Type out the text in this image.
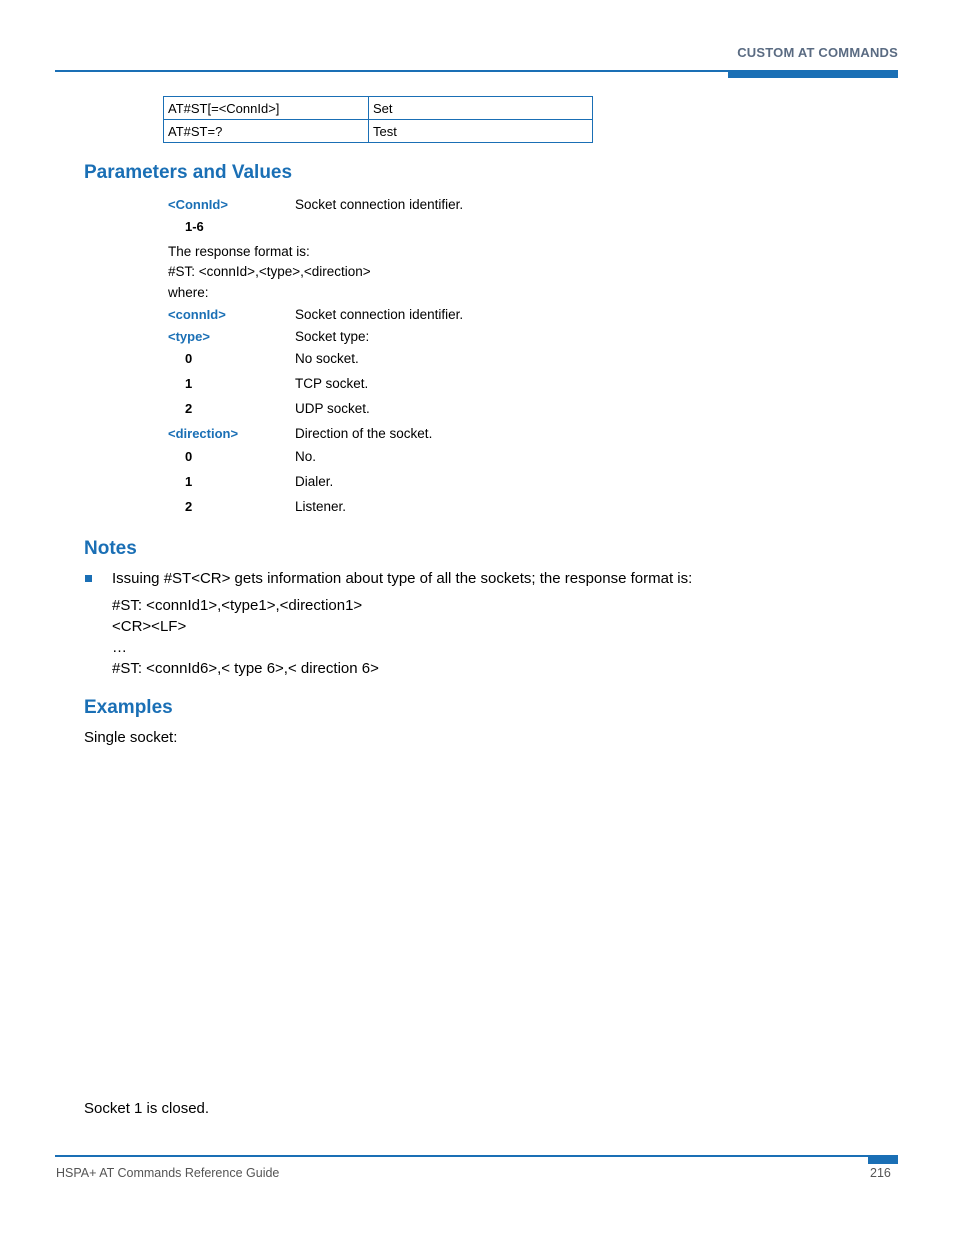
CUSTOM AT COMMANDS
AT#ST[=<ConnId>]	Set
AT#ST=?	Test
Parameters and Values
<ConnId>	Socket connection identifier.
1-6
The response format is:
#ST: <connId>,<type>,<direction>
where:
<connId>	Socket connection identifier.
<type>	Socket type:
0	No socket.
1	TCP socket.
2	UDP socket.
<direction>	Direction of the socket.
0	No.
1	Dialer.
2	Listener.
Notes
Issuing #ST<CR> gets information about type of all the sockets; the response format is:
#ST: <connId1>,<type1>,<direction1>
<CR><LF>
…
#ST: <connId6>,< type 6>,< direction 6>
Examples
Single socket:
Socket 1 is closed.
HSPA+ AT Commands Reference Guide	216
